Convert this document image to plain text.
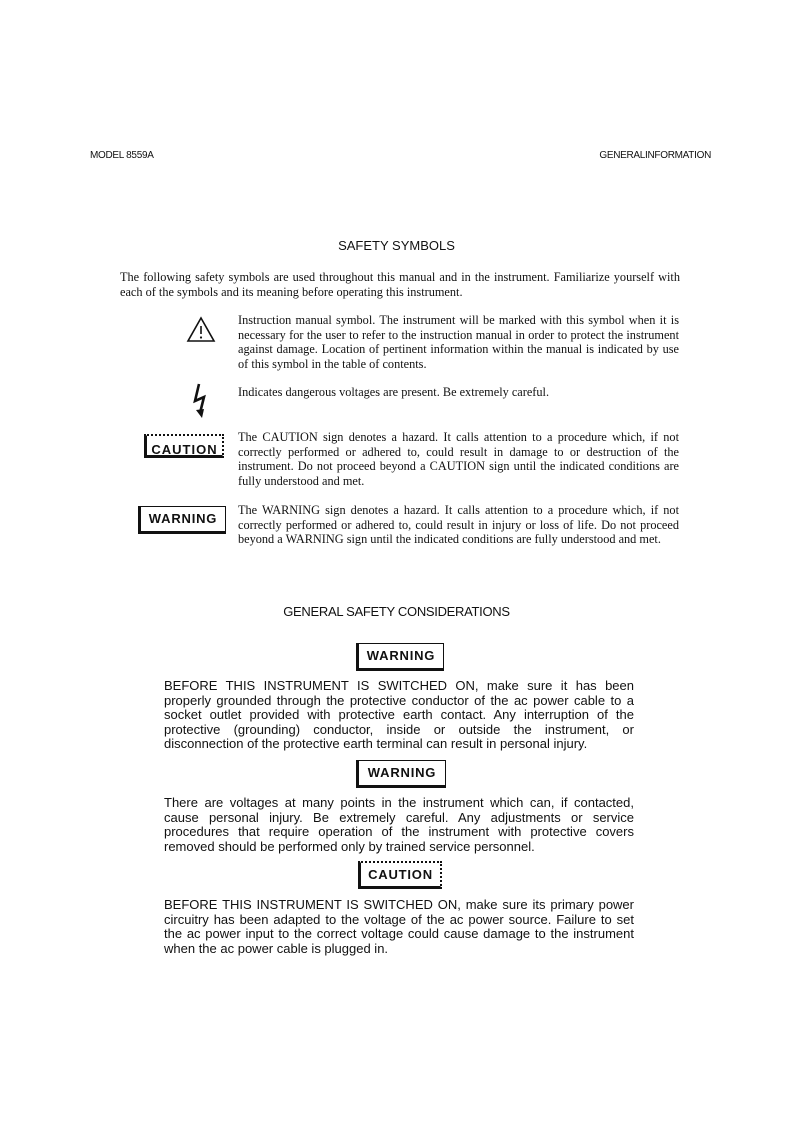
MODEL 8559A	GENERALINFORMATION
SAFETY SYMBOLS
The following safety symbols are used throughout this manual and in the instrument. Familiarize yourself with each of the symbols and its meaning before operating this instrument.
Instruction manual symbol. The instrument will be marked with this symbol when it is necessary for the user to refer to the instruction manual in order to protect the instrument against damage. Location of pertinent information within the manual is indicated by use of this symbol in the table of contents.
Indicates dangerous voltages are present. Be extremely careful.
CAUTION
The CAUTION sign denotes a hazard. It calls attention to a procedure which, if not correctly performed or adhered to, could result in damage to or destruction of the instrument. Do not proceed beyond a CAUTION sign until the indicated conditions are fully understood and met.
WARNING
The WARNING sign denotes a hazard. It calls attention to a procedure which, if not correctly performed or adhered to, could result in injury or loss of life. Do not proceed beyond a WARNING sign until the indicated conditions are fully understood and met.
GENERAL SAFETY CONSIDERATIONS
WARNING
BEFORE THIS INSTRUMENT IS SWITCHED ON, make sure it has been properly grounded through the protective conductor of the ac power cable to a socket outlet provided with protective earth contact. Any interruption of the protective (grounding) conductor, inside or outside the instrument, or disconnection of the protective earth terminal can result in personal injury.
WARNING
There are voltages at many points in the instrument which can, if contacted, cause personal injury. Be extremely careful. Any adjustments or service procedures that require operation of the instrument with protective covers removed should be performed only by trained service personnel.
CAUTION
BEFORE THIS INSTRUMENT IS SWITCHED ON, make sure its primary power circuitry has been adapted to the voltage of the ac power source. Failure to set the ac power input to the correct voltage could cause damage to the instrument when the ac power cable is plugged in.
